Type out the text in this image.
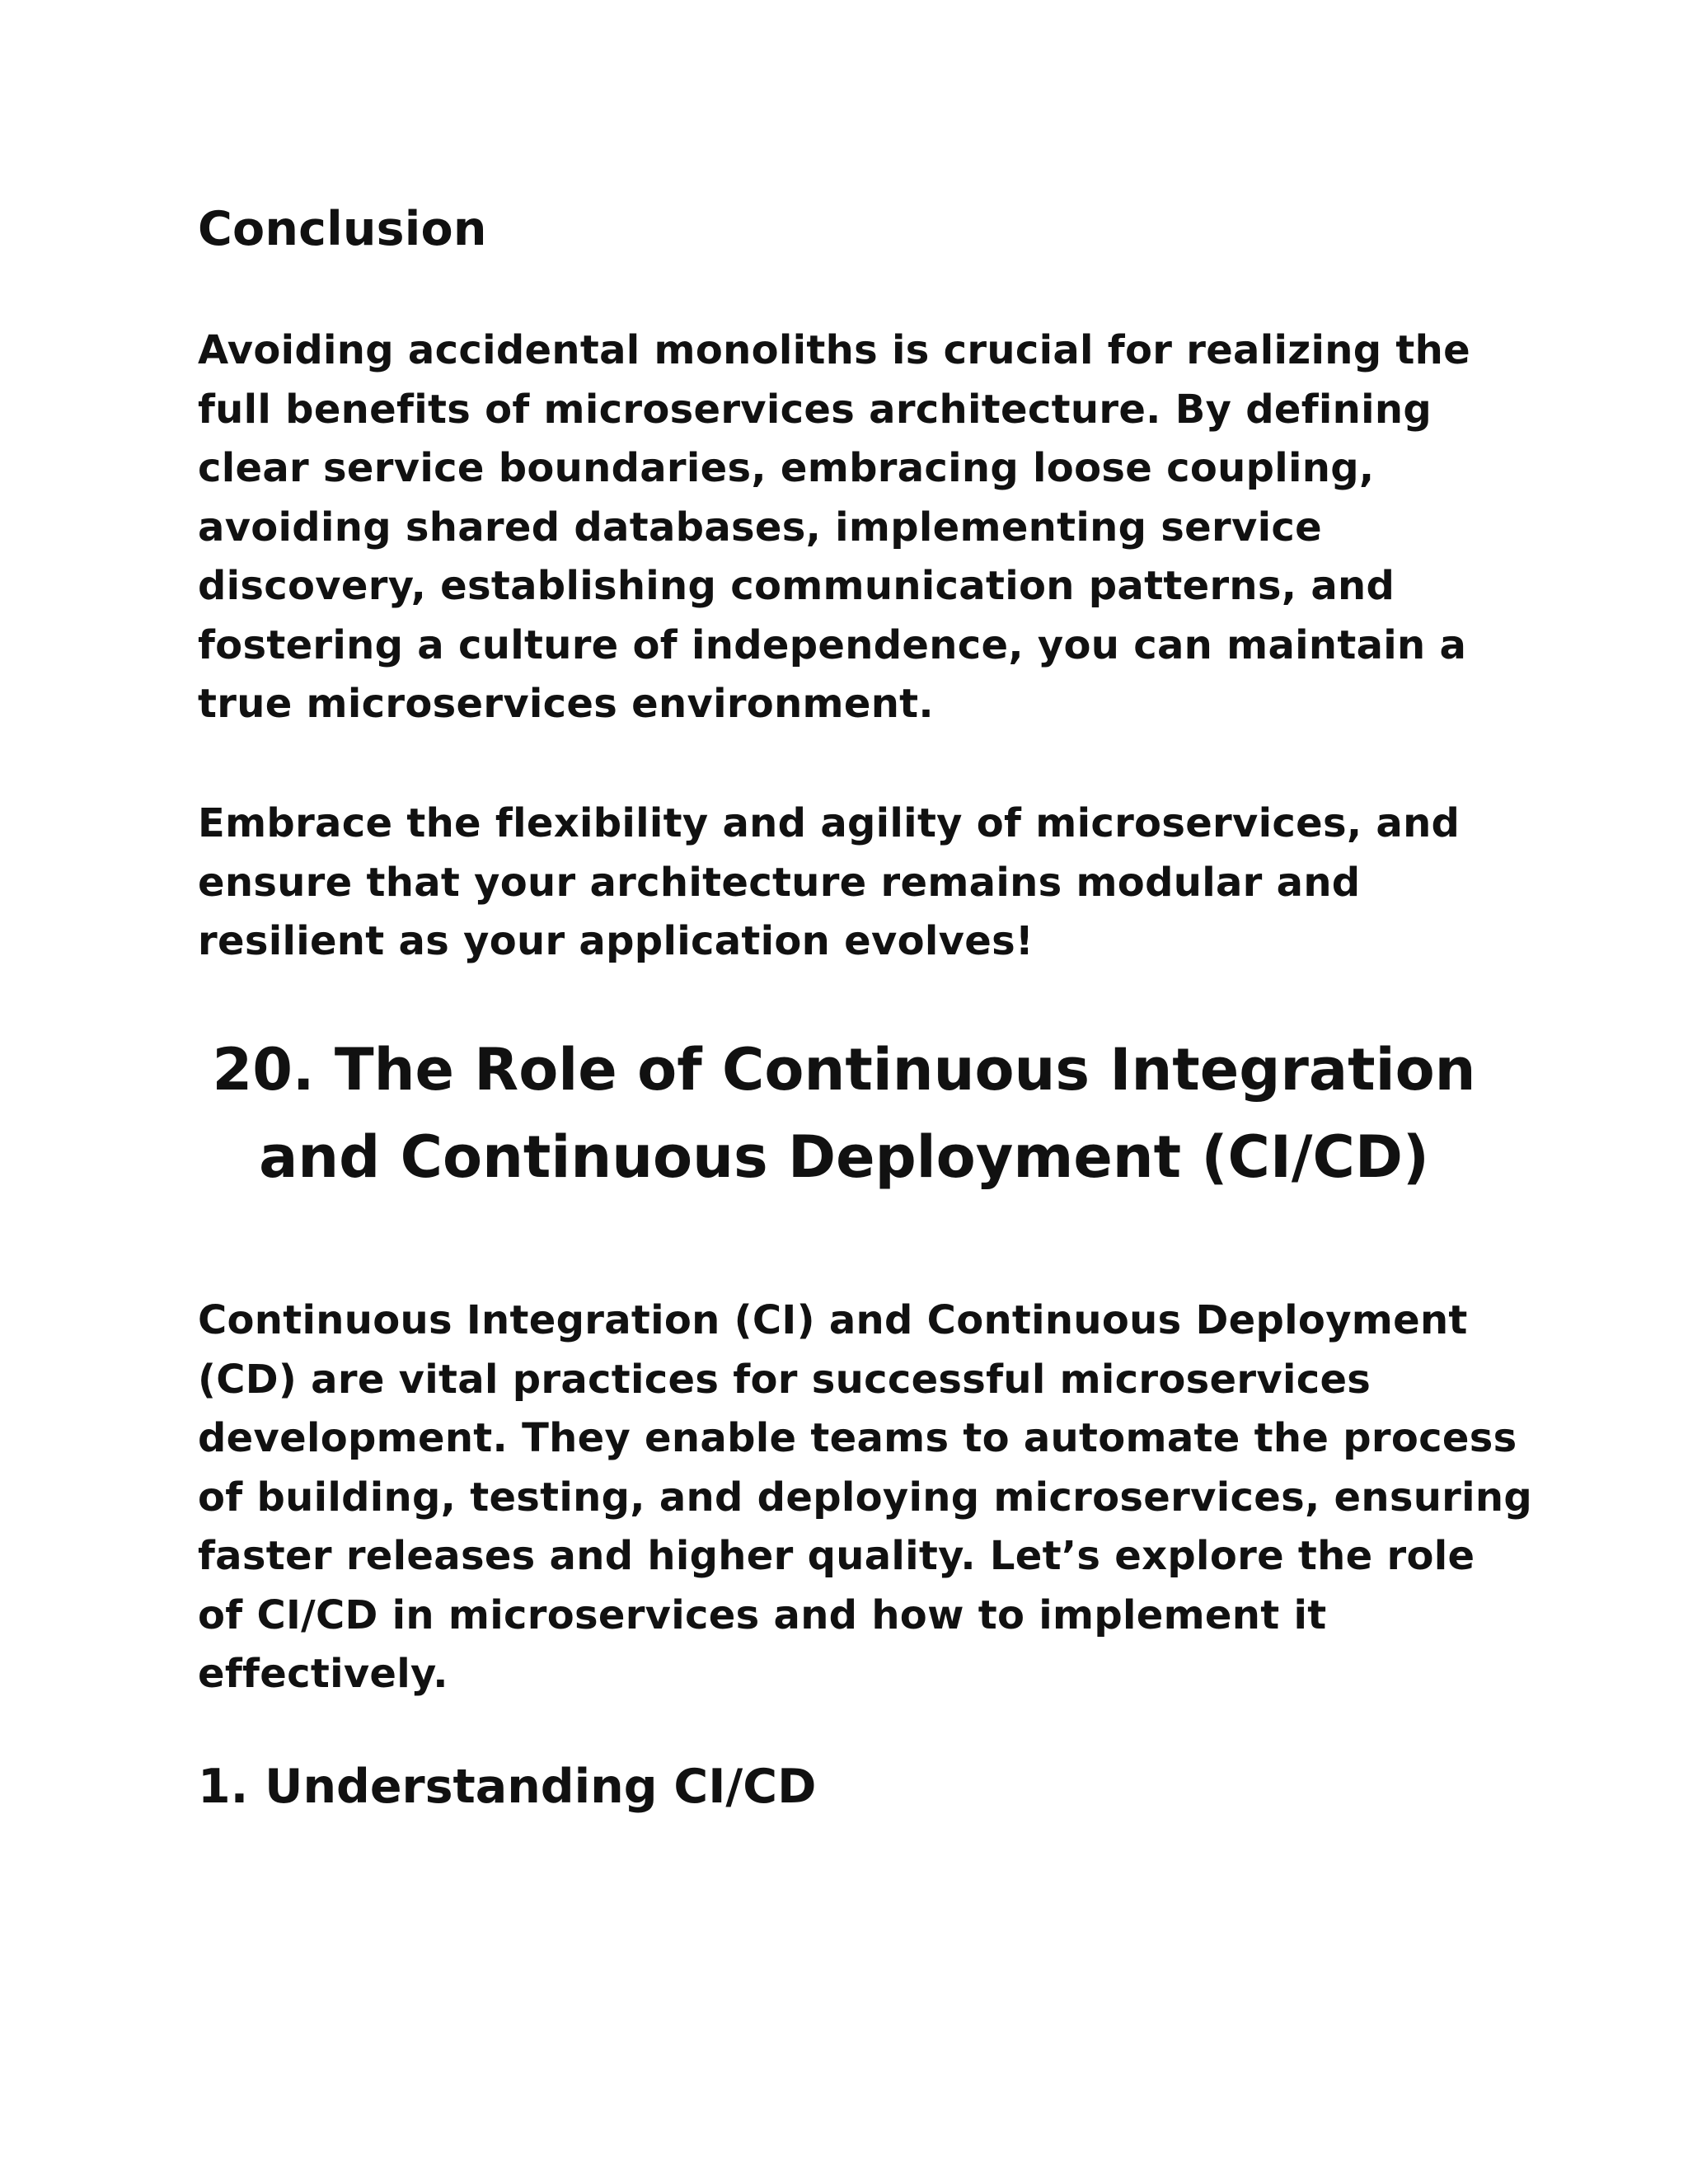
Conclusion

Avoiding accidental monoliths is crucial for realizing the full benefits of microservices architecture. By defining clear service boundaries, embracing loose coupling, avoiding shared databases, implementing service discovery, establishing communication patterns, and fostering a culture of independence, you can maintain a true microservices environment.

Embrace the flexibility and agility of microservices, and ensure that your architecture remains modular and resilient as your application evolves!

20. The Role of Continuous Integration
and Continuous Deployment (CI/CD)

Continuous Integration (CI) and Continuous Deployment (CD) are vital practices for successful microservices development. They enable teams to automate the process of building, testing, and deploying microservices, ensuring faster releases and higher quality. Let’s explore the role of CI/CD in microservices and how to implement it effectively.

1. Understanding CI/CD
